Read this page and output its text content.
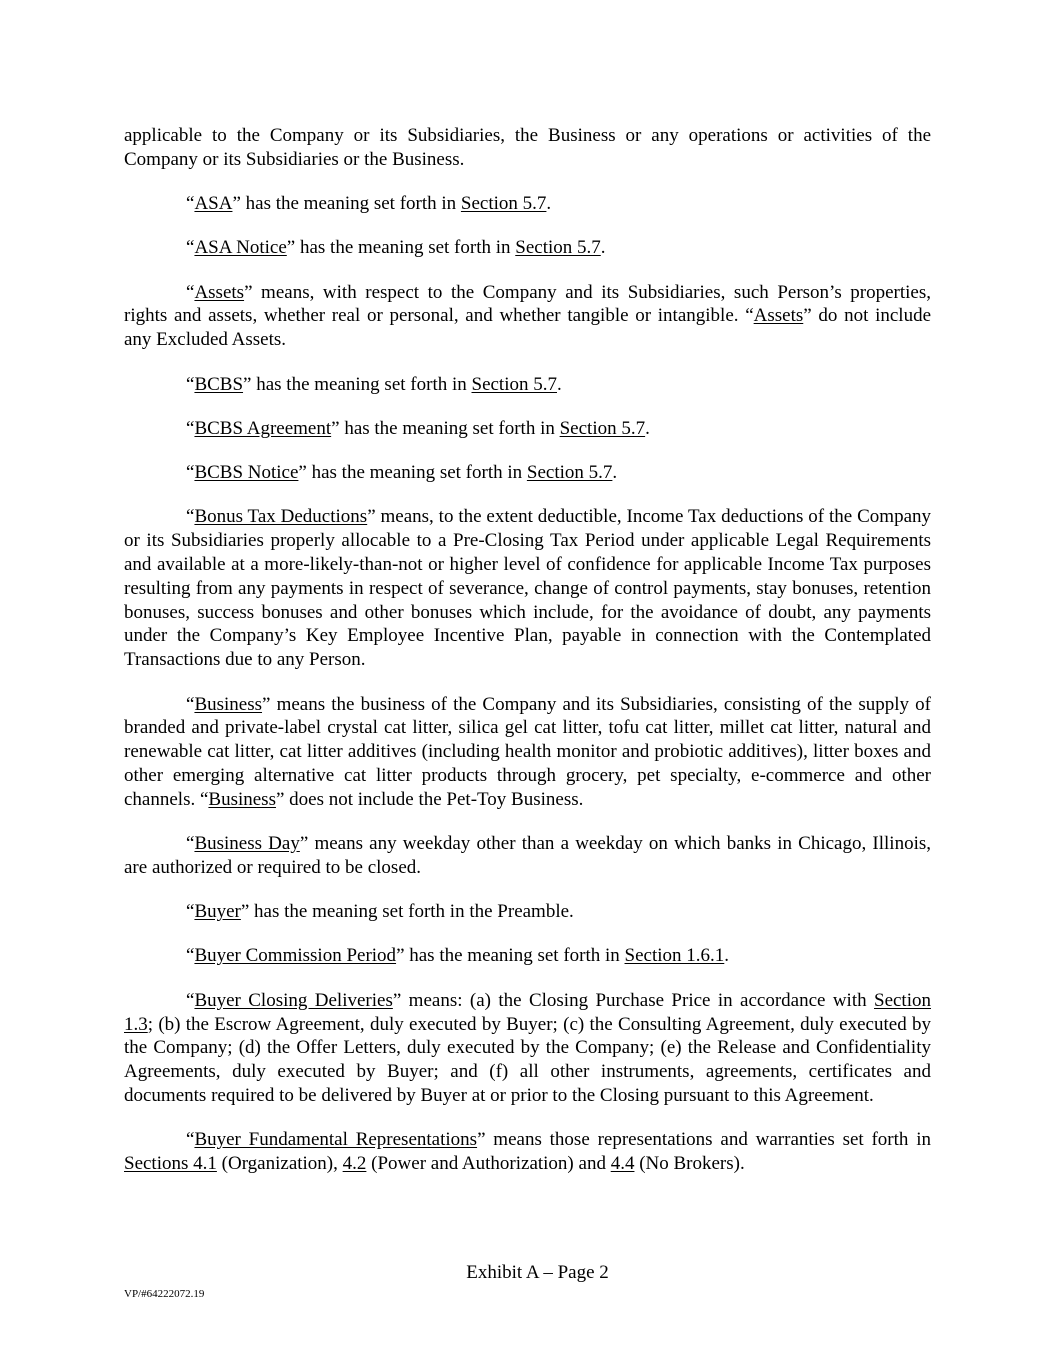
applicable to the Company or its Subsidiaries, the Business or any operations or activities of the Company or its Subsidiaries or the Business.

“ASA” has the meaning set forth in Section 5.7.

“ASA Notice” has the meaning set forth in Section 5.7.

“Assets” means, with respect to the Company and its Subsidiaries, such Person’s properties, rights and assets, whether real or personal, and whether tangible or intangible. “Assets” do not include any Excluded Assets.

“BCBS” has the meaning set forth in Section 5.7.

“BCBS Agreement” has the meaning set forth in Section 5.7.

“BCBS Notice” has the meaning set forth in Section 5.7.

“Bonus Tax Deductions” means, to the extent deductible, Income Tax deductions of the Company or its Subsidiaries properly allocable to a Pre-Closing Tax Period under applicable Legal Requirements and available at a more-likely-than-not or higher level of confidence for applicable Income Tax purposes resulting from any payments in respect of severance, change of control payments, stay bonuses, retention bonuses, success bonuses and other bonuses which include, for the avoidance of doubt, any payments under the Company’s Key Employee Incentive Plan, payable in connection with the Contemplated Transactions due to any Person.

“Business” means the business of the Company and its Subsidiaries, consisting of the supply of branded and private-label crystal cat litter, silica gel cat litter, tofu cat litter, millet cat litter, natural and renewable cat litter, cat litter additives (including health monitor and probiotic additives), litter boxes and other emerging alternative cat litter products through grocery, pet specialty, e-commerce and other channels. “Business” does not include the Pet-Toy Business.

“Business Day” means any weekday other than a weekday on which banks in Chicago, Illinois, are authorized or required to be closed.

“Buyer” has the meaning set forth in the Preamble.

“Buyer Commission Period” has the meaning set forth in Section 1.6.1.

“Buyer Closing Deliveries” means: (a) the Closing Purchase Price in accordance with Section 1.3; (b) the Escrow Agreement, duly executed by Buyer; (c) the Consulting Agreement, duly executed by the Company; (d) the Offer Letters, duly executed by the Company; (e) the Release and Confidentiality Agreements, duly executed by Buyer; and (f) all other instruments, agreements, certificates and documents required to be delivered by Buyer at or prior to the Closing pursuant to this Agreement.

“Buyer Fundamental Representations” means those representations and warranties set forth in Sections 4.1 (Organization), 4.2 (Power and Authorization) and 4.4 (No Brokers).

Exhibit A – Page 2
VP/#64222072.19
